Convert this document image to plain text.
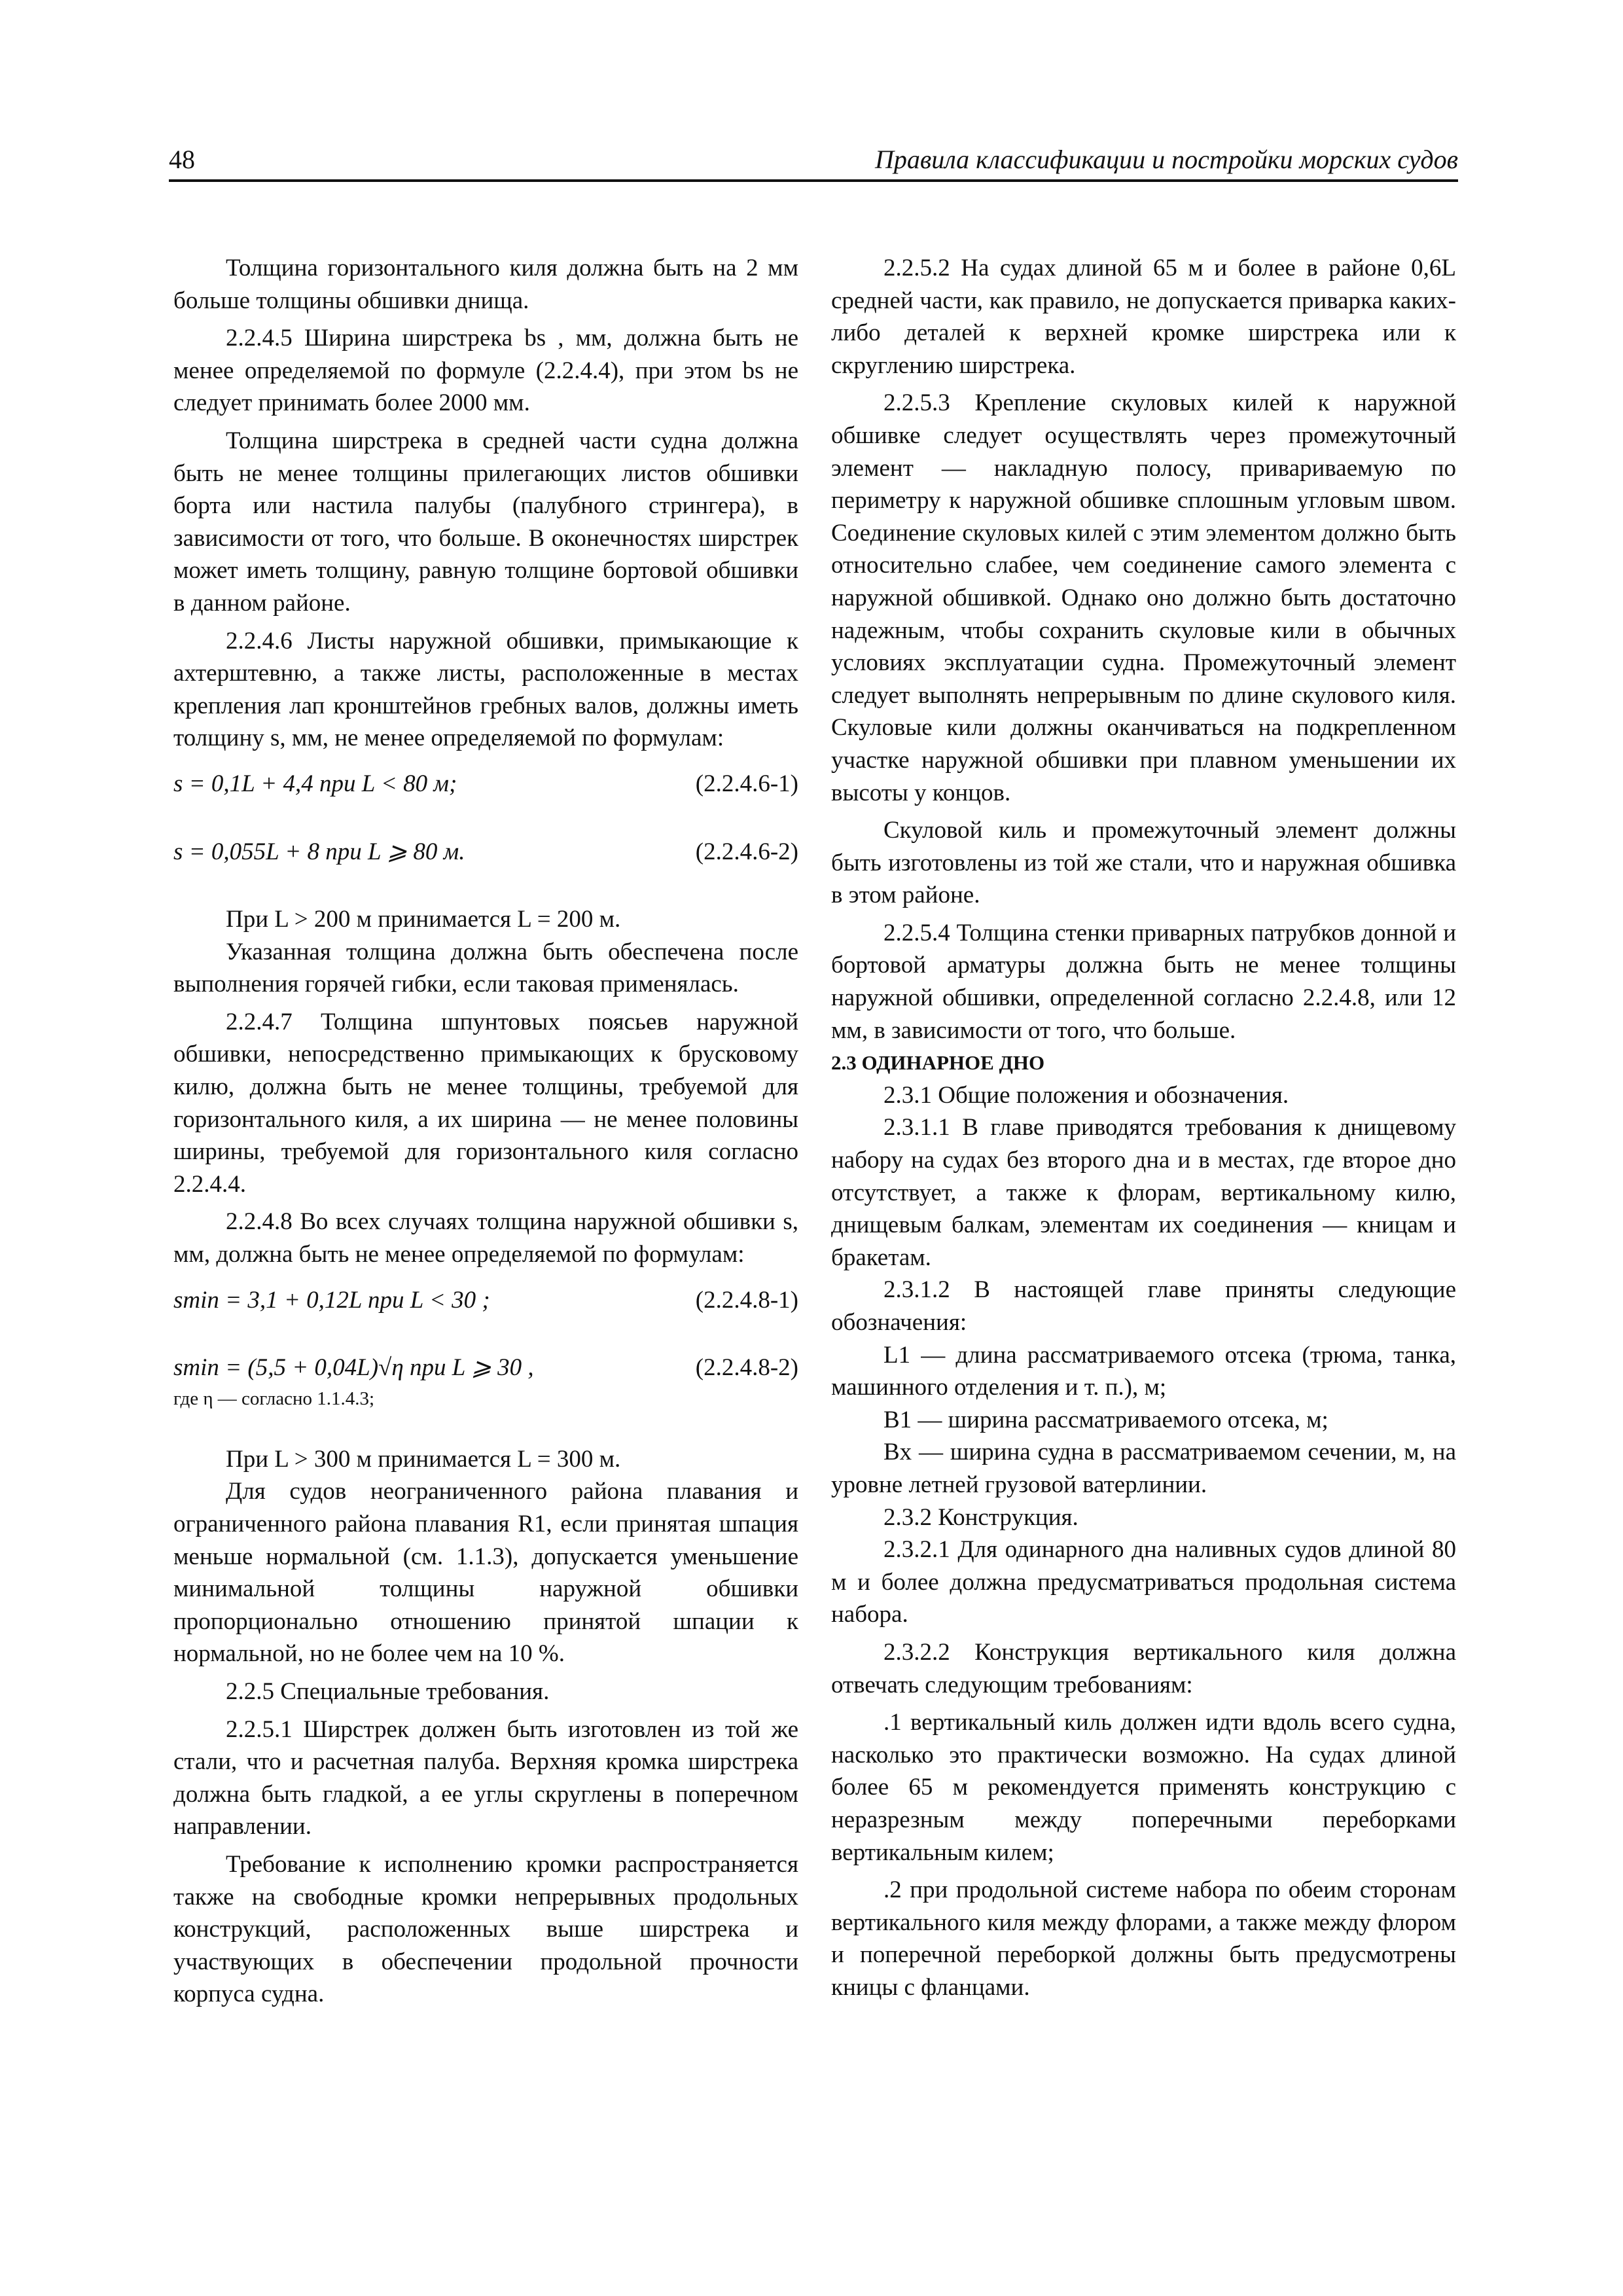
48	Правила классификации и постройки морских судов

Толщина горизонтального киля должна быть на 2 мм больше толщины обшивки днища.

2.2.4.5 Ширина ширстрека bs , мм, должна быть не менее определяемой по формуле (2.2.4.4), при этом bs не следует принимать более 2000 мм.

Толщина ширстрека в средней части судна должна быть не менее толщины прилегающих листов обшивки борта или настила палубы (палубного стрингера), в зависимости от того, что больше. В оконечностях ширстрек может иметь толщину, равную толщине бортовой обшивки в данном районе.

2.2.4.6 Листы наружной обшивки, примыкающие к ахтерштевню, а также листы, расположенные в местах крепления лап кронштейнов гребных валов, должны иметь толщину s, мм, не менее определяемой по формулам:

s = 0,1L + 4,4 при L < 80 м;	(2.2.4.6-1)
s = 0,055L + 8 при L ⩾ 80 м.	(2.2.4.6-2)

При L > 200 м принимается L = 200 м.

Указанная толщина должна быть обеспечена после выполнения горячей гибки, если таковая применялась.

2.2.4.7 Толщина шпунтовых поясьев наружной обшивки, непосредственно примыкающих к брусковому килю, должна быть не менее толщины, требуемой для горизонтального киля, а их ширина — не менее половины ширины, требуемой для горизонтального киля согласно 2.2.4.4.

2.2.4.8 Во всех случаях толщина наружной обшивки s, мм, должна быть не менее определяемой по формулам:

smin = 3,1 + 0,12L при L < 30 ;	(2.2.4.8-1)
smin = (5,5 + 0,04L)√η при L ⩾ 30 ,	(2.2.4.8-2)
где η — согласно 1.1.4.3;

При L > 300 м принимается L = 300 м.

Для судов неограниченного района плавания и ограниченного района плавания R1, если принятая шпация меньше нормальной (см. 1.1.3), допускается уменьшение минимальной толщины наружной обшивки пропорционально отношению принятой шпации к нормальной, но не более чем на 10 %.

2.2.5 Специальные требования.

2.2.5.1 Ширстрек должен быть изготовлен из той же стали, что и расчетная палуба. Верхняя кромка ширстрека должна быть гладкой, а ее углы скруглены в поперечном направлении.

Требование к исполнению кромки распространяется также на свободные кромки непрерывных продольных конструкций, расположенных выше ширстрека и участвующих в обеспечении продольной прочности корпуса судна.

2.2.5.2 На судах длиной 65 м и более в районе 0,6L средней части, как правило, не допускается приварка каких-либо деталей к верхней кромке ширстрека или к скруглению ширстрека.

2.2.5.3 Крепление скуловых килей к наружной обшивке следует осуществлять через промежуточный элемент — накладную полосу, привариваемую по периметру к наружной обшивке сплошным угловым швом. Соединение скуловых килей с этим элементом должно быть относительно слабее, чем соединение самого элемента с наружной обшивкой. Однако оно должно быть достаточно надежным, чтобы сохранить скуловые кили в обычных условиях эксплуатации судна. Промежуточный элемент следует выполнять непрерывным по длине скулового киля. Скуловые кили должны оканчиваться на подкрепленном участке наружной обшивки при плавном уменьшении их высоты у концов.

Скуловой киль и промежуточный элемент должны быть изготовлены из той же стали, что и наружная обшивка в этом районе.

2.2.5.4 Толщина стенки приварных патрубков донной и бортовой арматуры должна быть не менее толщины наружной обшивки, определенной согласно 2.2.4.8, или 12 мм, в зависимости от того, что больше.

2.3 ОДИНАРНОЕ ДНО

2.3.1 Общие положения и обозначения.

2.3.1.1 В главе приводятся требования к днищевому набору на судах без второго дна и в местах, где второе дно отсутствует, а также к флорам, вертикальному килю, днищевым балкам, элементам их соединения — кницам и бракетам.

2.3.1.2 В настоящей главе приняты следующие обозначения:

L1 — длина рассматриваемого отсека (трюма, танка, машинного отделения и т. п.), м;

B1 — ширина рассматриваемого отсека, м;

Bx — ширина судна в рассматриваемом сечении, м, на уровне летней грузовой ватерлинии.

2.3.2 Конструкция.

2.3.2.1 Для одинарного дна наливных судов длиной 80 м и более должна предусматриваться продольная система набора.

2.3.2.2 Конструкция вертикального киля должна отвечать следующим требованиям:

.1 вертикальный киль должен идти вдоль всего судна, насколько это практически возможно. На судах длиной более 65 м рекомендуется применять конструкцию с неразрезным между поперечными переборками вертикальным килем;

.2 при продольной системе набора по обеим сторонам вертикального киля между флорами, а также между флором и поперечной переборкой должны быть предусмотрены кницы с фланцами.
